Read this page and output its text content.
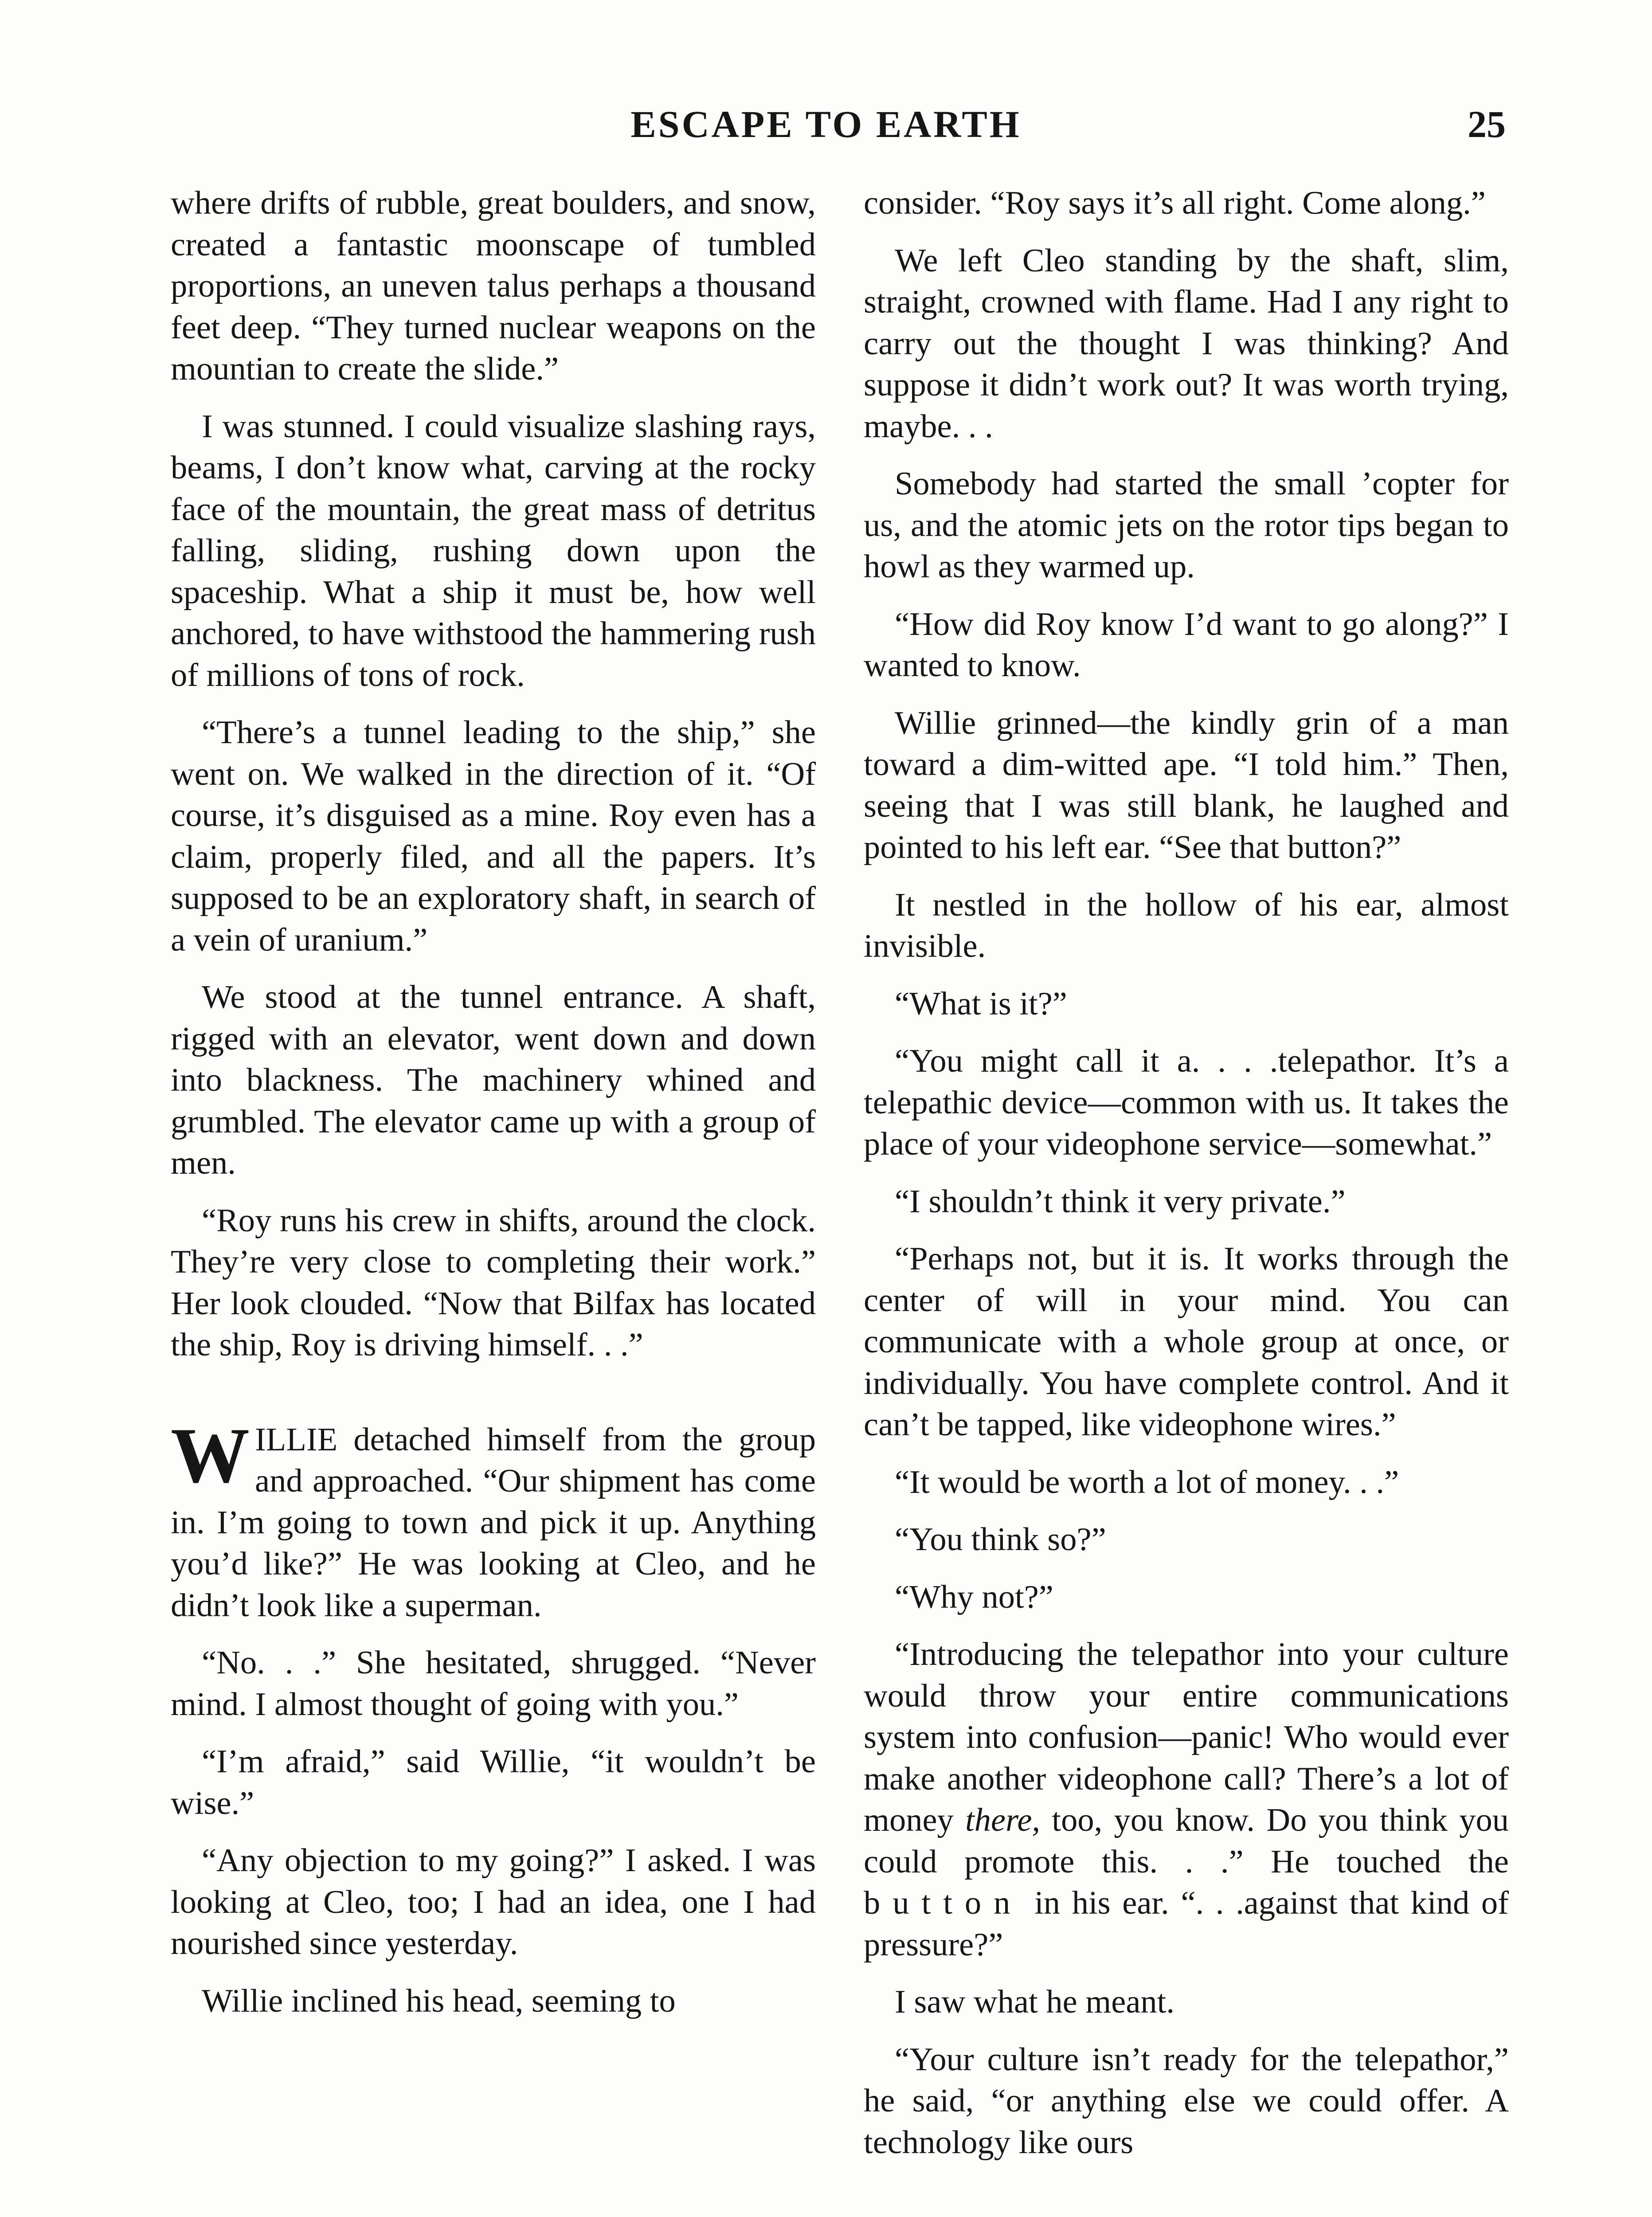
ESCAPE TO EARTH	25

where drifts of rubble, great boulders, and snow, created a fantastic moonscape of tumbled proportions, an uneven talus perhaps a thousand feet deep. “They turned nuclear weapons on the mountian to create the slide.”

I was stunned. I could visualize slashing rays, beams, I don’t know what, carving at the rocky face of the mountain, the great mass of detritus falling, sliding, rushing down upon the spaceship. What a ship it must be, how well anchored, to have withstood the hammering rush of millions of tons of rock.

“There’s a tunnel leading to the ship,” she went on. We walked in the direction of it. “Of course, it’s disguised as a mine. Roy even has a claim, properly filed, and all the papers. It’s supposed to be an exploratory shaft, in search of a vein of uranium.”

We stood at the tunnel entrance. A shaft, rigged with an elevator, went down and down into blackness. The machinery whined and grumbled. The elevator came up with a group of men.

“Roy runs his crew in shifts, around the clock. They’re very close to completing their work.” Her look clouded. “Now that Bilfax has located the ship, Roy is driving himself. . .”

WILLIE detached himself from the group and approached. “Our shipment has come in. I’m going to town and pick it up. Anything you’d like?” He was looking at Cleo, and he didn’t look like a superman.

“No. . .” She hesitated, shrugged. “Never mind. I almost thought of going with you.”

“I’m afraid,” said Willie, “it wouldn’t be wise.”

“Any objection to my going?” I asked. I was looking at Cleo, too; I had an idea, one I had nourished since yesterday.

Willie inclined his head, seeming to

consider. “Roy says it’s all right. Come along.”

We left Cleo standing by the shaft, slim, straight, crowned with flame. Had I any right to carry out the thought I was thinking? And suppose it didn’t work out? It was worth trying, maybe. . .

Somebody had started the small ’copter for us, and the atomic jets on the rotor tips began to howl as they warmed up.

“How did Roy know I’d want to go along?” I wanted to know.

Willie grinned—the kindly grin of a man toward a dim-witted ape. “I told him.” Then, seeing that I was still blank, he laughed and pointed to his left ear. “See that button?”

It nestled in the hollow of his ear, almost invisible.

“What is it?”

“You might call it a. . . .telepathor. It’s a telepathic device—common with us. It takes the place of your videophone service—somewhat.”

“I shouldn’t think it very private.”

“Perhaps not, but it is. It works through the center of will in your mind. You can communicate with a whole group at once, or individually. You have complete control. And it can’t be tapped, like videophone wires.”

“It would be worth a lot of money. . .”

“You think so?”

“Why not?”

“Introducing the telepathor into your culture would throw your entire communications system into confusion—panic! Who would ever make another videophone call? There’s a lot of money there, too, you know. Do you think you could promote this. . .” He touched the button in his ear. “. . .against that kind of pressure?”

I saw what he meant.

“Your culture isn’t ready for the telepathor,” he said, “or anything else we could offer. A technology like ours
